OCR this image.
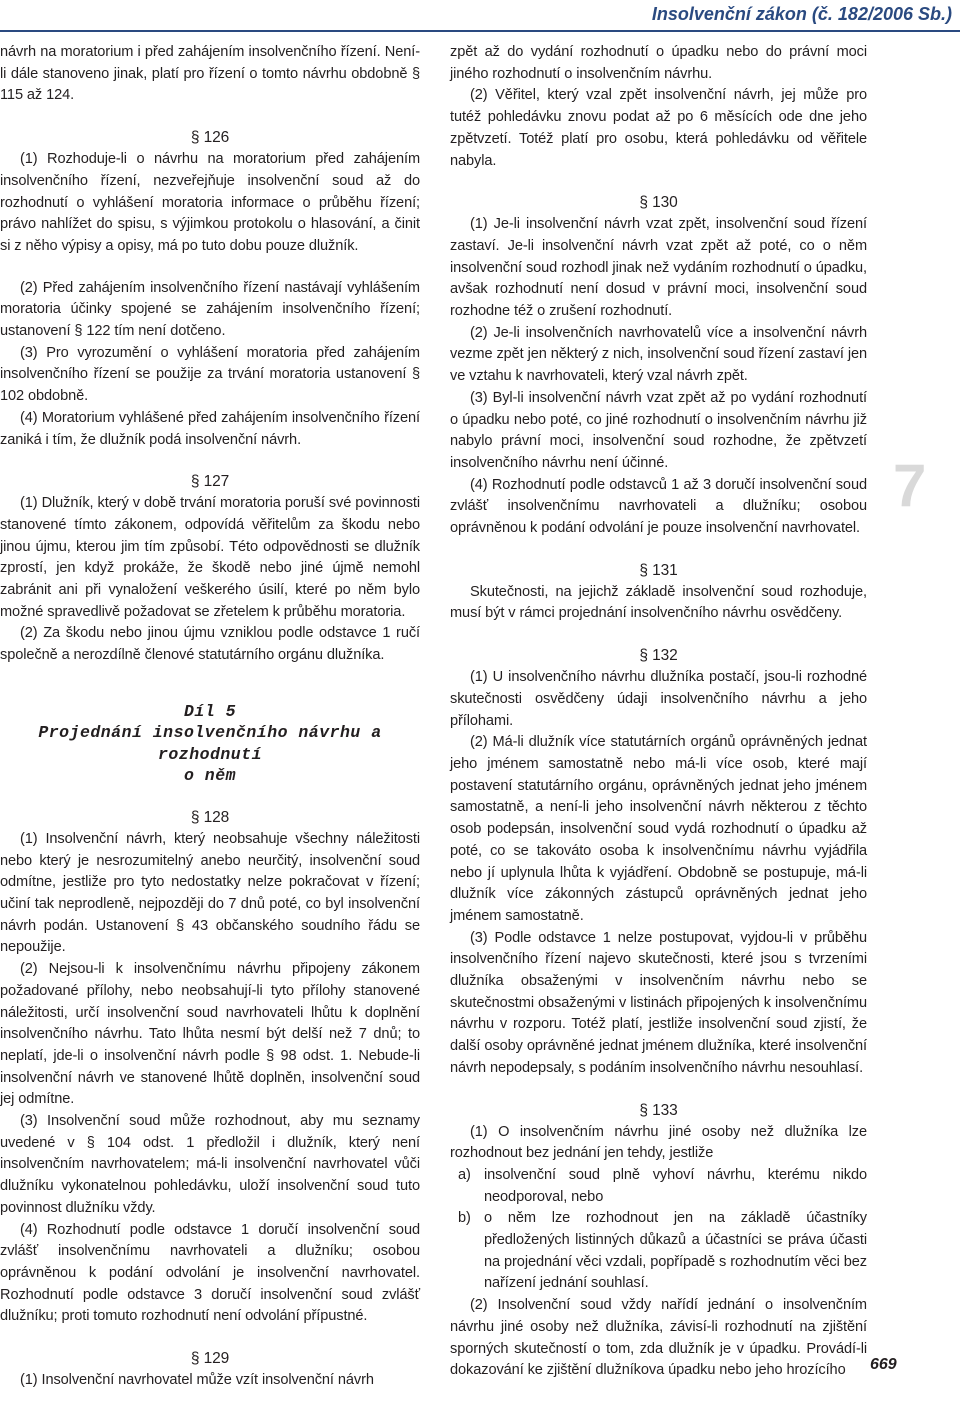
Insolvenční zákon (č. 182/2006 Sb.)

návrh na moratorium i před zahájením insolvenčního řízení. Není-li dále stanoveno jinak, platí pro řízení o tomto návrhu obdobně § 115 až 124.

§ 126

(1) Rozhoduje-li o návrhu na moratorium před zahájením insolvenčního řízení, nezveřejňuje insolvenční soud až do rozhodnutí o vyhlášení moratoria informace o průběhu řízení; právo nahlížet do spisu, s výjimkou protokolu o hlasování, a činit si z něho výpisy a opisy, má po tuto dobu pouze dlužník.

(2) Před zahájením insolvenčního řízení nastávají vyhlášením moratoria účinky spojené se zahájením insolvenčního řízení; ustanovení § 122 tím není dotčeno.

(3) Pro vyrozumění o vyhlášení moratoria před zahájením insolvenčního řízení se použije za trvání moratoria ustanovení § 102 obdobně.

(4) Moratorium vyhlášené před zahájením insolvenčního řízení zaniká i tím, že dlužník podá insolvenční návrh.

§ 127

(1) Dlužník, který v době trvání moratoria poruší své povinnosti stanovené tímto zákonem, odpovídá věřitelům za škodu nebo jinou újmu, kterou jim tím způsobí. Této odpovědnosti se dlužník zprostí, jen když prokáže, že škodě nebo jiné újmě nemohl zabránit ani při vynaložení veškerého úsilí, které po něm bylo možné spravedlivě požadovat se zřetelem k průběhu moratoria.

(2) Za škodu nebo jinou újmu vzniklou podle odstavce 1 ručí společně a nerozdílně členové statutárního orgánu dlužníka.

Díl 5

Projednání insolvenčního návrhu a rozhodnutí

o něm

§ 128

(1) Insolvenční návrh, který neobsahuje všechny náležitosti nebo který je nesrozumitelný anebo neurčitý, insolvenční soud odmítne, jestliže pro tyto nedostatky nelze pokračovat v řízení; učiní tak neprodleně, nejpozději do 7 dnů poté, co byl insolvenční návrh podán. Ustanovení § 43 občanského soudního řádu se nepoužije.

(2) Nejsou-li k insolvenčnímu návrhu připojeny zákonem požadované přílohy, nebo neobsahují-li tyto přílohy stanovené náležitosti, určí insolvenční soud navrhovateli lhůtu k doplnění insolvenčního návrhu. Tato lhůta nesmí být delší než 7 dnů; to neplatí, jde-li o insolvenční návrh podle § 98 odst. 1. Nebude-li insolvenční návrh ve stanovené lhůtě doplněn, insolvenční soud jej odmítne.

(3) Insolvenční soud může rozhodnout, aby mu seznamy uvedené v § 104 odst. 1 předložil i dlužník, který není insolvenčním navrhovatelem; má-li insolvenční navrhovatel vůči dlužníku vykonatelnou pohledávku, uloží insolvenční soud tuto povinnost dlužníku vždy.

(4) Rozhodnutí podle odstavce 1 doručí insolvenční soud zvlášť insolvenčnímu navrhovateli a dlužníku; osobou oprávněnou k podání odvolání je insolvenční navrhovatel. Rozhodnutí podle odstavce 3 doručí insolvenční soud zvlášť dlužníku; proti tomuto rozhodnutí není odvolání přípustné.

§ 129

(1) Insolvenční navrhovatel může vzít insolvenční návrh

zpět až do vydání rozhodnutí o úpadku nebo do právní moci jiného rozhodnutí o insolvenčním návrhu.

(2) Věřitel, který vzal zpět insolvenční návrh, jej může pro tutéž pohledávku znovu podat až po 6 měsících ode dne jeho zpětvzetí. Totéž platí pro osobu, která pohledávku od věřitele nabyla.

§ 130

(1) Je-li insolvenční návrh vzat zpět, insolvenční soud řízení zastaví. Je-li insolvenční návrh vzat zpět až poté, co o něm insolvenční soud rozhodl jinak než vydáním rozhodnutí o úpadku, avšak rozhodnutí není dosud v právní moci, insolvenční soud rozhodne též o zrušení rozhodnutí.

(2) Je-li insolvenčních navrhovatelů více a insolvenční návrh vezme zpět jen některý z nich, insolvenční soud řízení zastaví jen ve vztahu k navrhovateli, který vzal návrh zpět.

(3) Byl-li insolvenční návrh vzat zpět až po vydání rozhodnutí o úpadku nebo poté, co jiné rozhodnutí o insolvenčním návrhu již nabylo právní moci, insolvenční soud rozhodne, že zpětvzetí insolvenčního návrhu není účinné.

(4) Rozhodnutí podle odstavců 1 až 3 doručí insolvenční soud zvlášť insolvenčnímu navrhovateli a dlužníku; osobou oprávněnou k podání odvolání je pouze insolvenční navrhovatel.

§ 131

Skutečnosti, na jejichž základě insolvenční soud rozhoduje, musí být v rámci projednání insolvenčního návrhu osvědčeny.

§ 132

(1) U insolvenčního návrhu dlužníka postačí, jsou-li rozhodné skutečnosti osvědčeny údaji insolvenčního návrhu a jeho přílohami.

(2) Má-li dlužník více statutárních orgánů oprávněných jednat jeho jménem samostatně nebo má-li více osob, které mají postavení statutárního orgánu, oprávněných jednat jeho jménem samostatně, a není-li jeho insolvenční návrh některou z těchto osob podepsán, insolvenční soud vydá rozhodnutí o úpadku až poté, co se takováto osoba k insolvenčnímu návrhu vyjádřila nebo jí uplynula lhůta k vyjádření. Obdobně se postupuje, má-li dlužník více zákonných zástupců oprávněných jednat jeho jménem samostatně.

(3) Podle odstavce 1 nelze postupovat, vyjdou-li v průběhu insolvenčního řízení najevo skutečnosti, které jsou s tvrzeními dlužníka obsaženými v insolvenčním návrhu nebo se skutečnostmi obsaženými v listinách připojených k insolvenčnímu návrhu v rozporu. Totéž platí, jestliže insolvenční soud zjistí, že další osoby oprávněné jednat jménem dlužníka, které insolvenční návrh nepodepsaly, s podáním insolvenčního návrhu nesouhlasí.

§ 133

(1) O insolvenčním návrhu jiné osoby než dlužníka lze rozhodnout bez jednání jen tehdy, jestliže

a) insolvenční soud plně vyhoví návrhu, kterému nikdo neodporoval, nebo
b) o něm lze rozhodnout jen na základě účastníky předložených listinných důkazů a účastníci se práva účasti na projednání věci vzdali, popřípadě s rozhodnutím věci bez nařízení jednání souhlasí.

(2) Insolvenční soud vždy nařídí jednání o insolvenčním návrhu jiné osoby než dlužníka, závisí-li rozhodnutí na zjištění sporných skutečností o tom, zda dlužník je v úpadku. Provádí-li dokazování ke zjištění dlužníkova úpadku nebo jeho hrozícího

7
669
